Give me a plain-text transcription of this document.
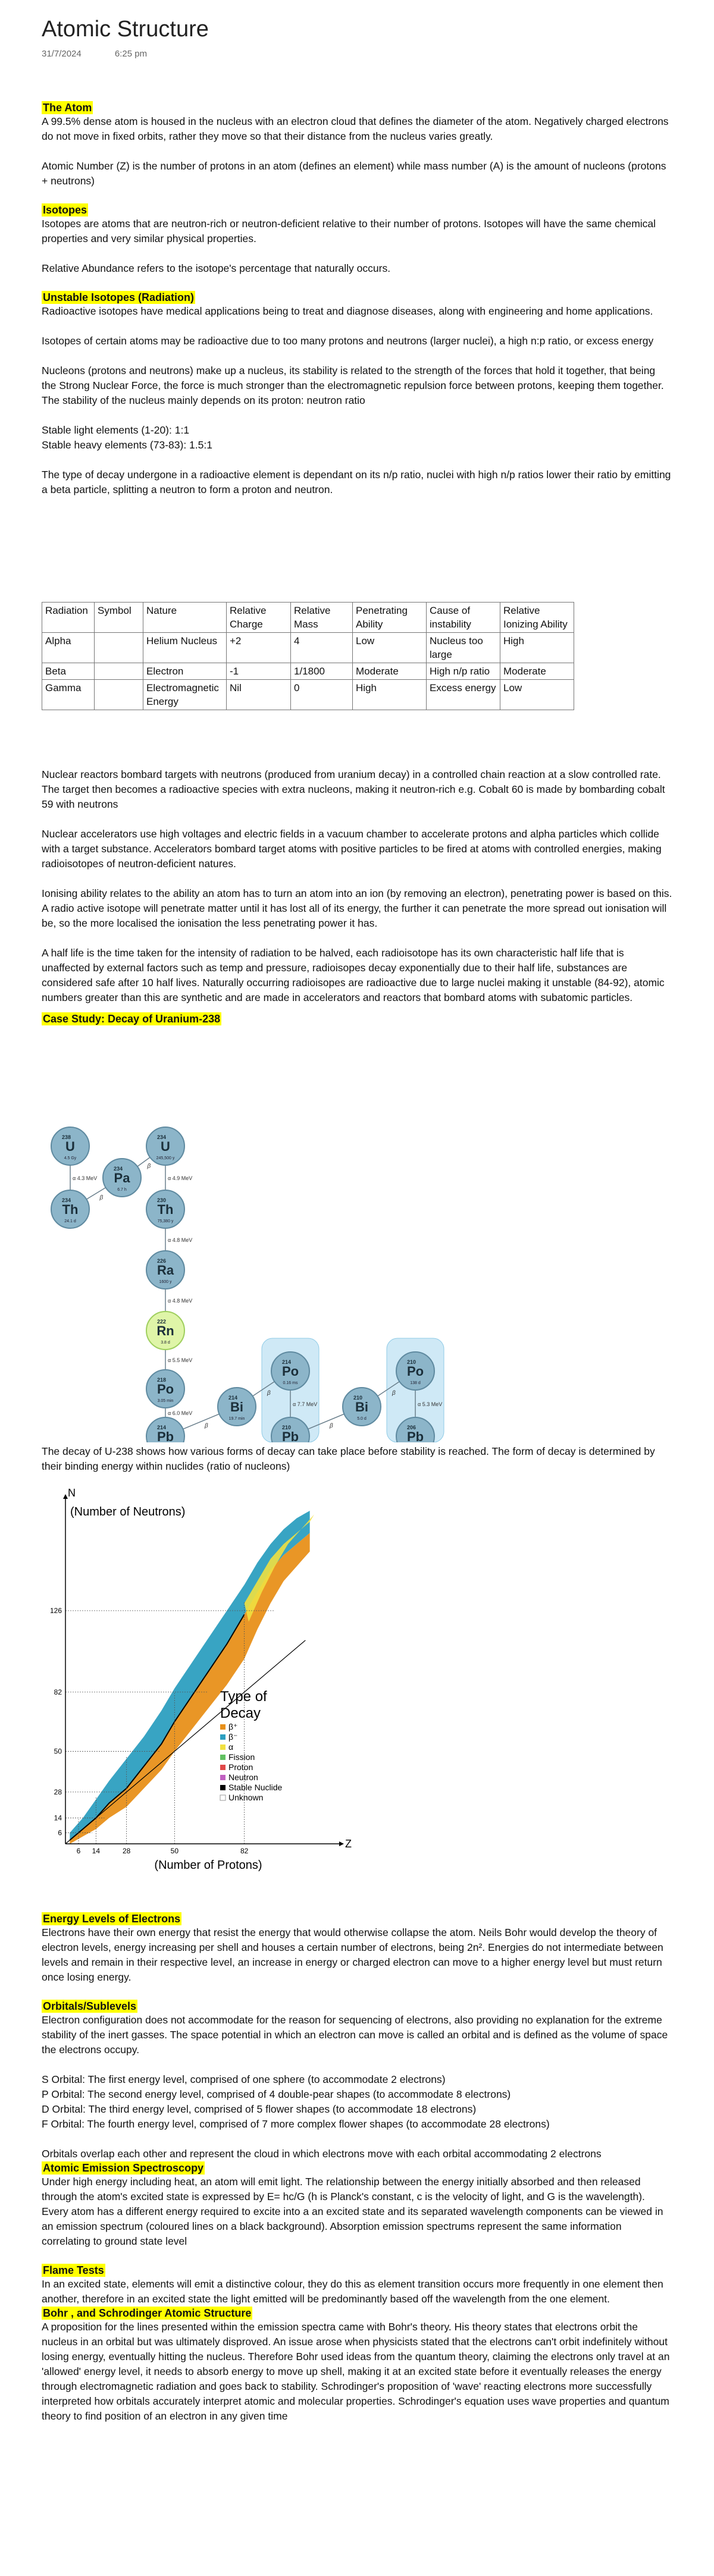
Atomic Structure
31/7/2024	6:25 pm
The Atom

A 99.5% dense atom is housed in the nucleus with an electron cloud that defines the diameter of the atom. Negatively charged electrons do not move in fixed orbits, rather they move so that their distance from the nucleus varies greatly.

Atomic Number (Z) is the number of protons in an atom (defines an element) while mass number (A) is the amount of nucleons (protons + neutrons)

Isotopes

Isotopes are atoms that are neutron-rich or neutron-deficient relative to their number of protons. Isotopes will have the same chemical properties and very similar physical properties.

Relative Abundance refers to the isotope's percentage that naturally occurs.

Unstable Isotopes (Radiation)

Radioactive isotopes have medical applications being to treat and diagnose diseases, along with engineering and home applications.

Isotopes of certain atoms may be radioactive due to too many protons and neutrons (larger nuclei), a high n:p ratio, or excess energy

Nucleons (protons and neutrons) make up a nucleus, its stability is related to the strength of the forces that hold it together, that being the Strong Nuclear Force, the force is much stronger than the electromagnetic repulsion force between protons, keeping them together. The stability of the nucleus mainly depends on its proton: neutron ratio

Stable light elements (1-20): 1:1

Stable heavy elements (73-83): 1.5:1

The type of decay undergone in a radioactive element is dependant on its n/p ratio, nuclei with high n/p ratios lower their ratio by emitting a beta particle, splitting a neutron to form a proton and neutron.

Radiation	Symbol	Nature	Relative Charge	Relative Mass	Penetrating Ability	Cause of instability	Relative Ionizing Ability
Alpha		Helium Nucleus	+2	4	Low	Nucleus too large	High
Beta		Electron	-1	1/1800	Moderate	High n/p ratio	Moderate
Gamma		Electromagnetic Energy	Nil	0	High	Excess energy	Low

Nuclear reactors bombard targets with neutrons (produced from uranium decay) in a controlled chain reaction at a slow controlled rate. The target then becomes a radioactive species with extra nucleons, making it neutron-rich e.g. Cobalt 60 is made by bombarding cobalt 59 with neutrons

Nuclear accelerators use high voltages and electric fields in a vacuum chamber to accelerate protons and alpha particles which collide with a target substance. Accelerators bombard target atoms with positive particles to be fired at atoms with controlled energies, making radioisotopes of neutron-deficient natures.

Ionising ability relates to the ability an atom has to turn an atom into an ion (by removing an electron), penetrating power is based on this. A radio active isotope will penetrate matter until it has lost all of its energy, the further it can penetrate the more spread out ionisation will be, so the more localised the ionisation the less penetrating power it has.

A half life is the time taken for the intensity of radiation to be halved, each radioisotope has its own characteristic half life that is unaffected by external factors such as temp and pressure, radioisopes decay exponentially due to their half life, substances are considered safe after 10 half lives. Naturally occurring radioisopes are radioactive due to large nuclei making it unstable (84-92), atomic numbers greater than this are synthetic and are made in accelerators and reactors that bombard atoms with subatomic particles.

Case Study: Decay of Uranium-238
α 4.3 MeV
β
β
α 4.9 MeV
α 4.8 MeV
α 4.8 MeV
α 5.5 MeV
α 6.0 MeV
β
β
α 7.7 MeV
β
β
α 5.3 MeV
238
U
4.5 Gy
234
Th
24.1 d
234
Pa
6.7 h
234
U
245,500 y
230
Th
75,380 y
226
Ra
1600 y
222
Rn
3.8 d
218
Po
3.05 min
214
Pb
214
Bi
19.7 min
214
Po
0.16 ms
210
Pb
210
Bi
5.0 d
210
Po
138 d
206
Pb

The decay of U-238 shows how various forms of decay can take place before stability is reached. The form of decay is determined by their binding energy within nuclides (ratio of nucleons)

6 14	28	50	82
6
14
28
50
82
126
Z
N
(Number of Protons)
(Number of Neutrons)
Type of
Decay
β⁺
β⁻
α
Fission
Proton
Neutron
Stable Nuclide
Unknown
Energy Levels of Electrons

Electrons have their own energy that resist the energy that would otherwise collapse the atom. Neils Bohr would develop the theory of electron levels, energy increasing per shell and houses a certain number of electrons, being 2n². Energies do not intermediate between levels and remain in their respective level, an increase in energy or charged electron can move to a higher energy level but must return once losing energy.

Orbitals/Sublevels

Electron configuration does not accommodate for the reason for sequencing of electrons, also providing no explanation for the extreme stability of the inert gasses. The space potential in which an electron can move is called an orbital and is defined as the volume of space the electrons occupy.

S Orbital: The first energy level, comprised of one sphere (to accommodate 2 electrons)

P Orbital: The second energy level, comprised of 4 double-pear shapes (to accommodate 8 electrons)

D Orbital: The third energy level, comprised of 5 flower shapes (to accommodate 18 electrons)

F Orbital: The fourth energy level, comprised of 7 more complex flower shapes (to accommodate 28 electrons)

Orbitals overlap each other and represent the cloud in which electrons move with each orbital accommodating 2 electrons

Atomic Emission Spectroscopy

Under high energy including heat, an atom will emit light. The relationship between the energy initially absorbed and then released through the atom's excited state is expressed by E= hc/G (h is Planck's constant, c is the velocity of light, and G is the wavelength). Every atom has a different energy required to excite into a an excited state and its separated wavelength components can be viewed in an emission spectrum (coloured lines on a black background). Absorption emission spectrums represent the same information correlating to ground state level

Flame Tests

In an excited state, elements will emit a distinctive colour, they do this as element transition occurs more frequently in one element then another, therefore in an excited state the light emitted will be predominantly based off the wavelength from the one element.

Bohr , and Schrodinger Atomic Structure

A proposition for the lines presented within the emission spectra came with Bohr's theory. His theory states that electrons orbit the nucleus in an orbital but was ultimately disproved. An issue arose when physicists stated that the electrons can't orbit indefinitely without losing energy, eventually hitting the nucleus. Therefore Bohr used ideas from the quantum theory, claiming the electrons only travel at an 'allowed' energy level, it needs to absorb energy to move up shell, making it at an excited state before it eventually releases the energy through electromagnetic radiation and goes back to stability. Schrodinger's proposition of 'wave' reacting electrons more successfully interpreted how orbitals accurately interpret atomic and molecular properties. Schrodinger's equation uses wave properties and quantum theory to find position of an electron in any given time
